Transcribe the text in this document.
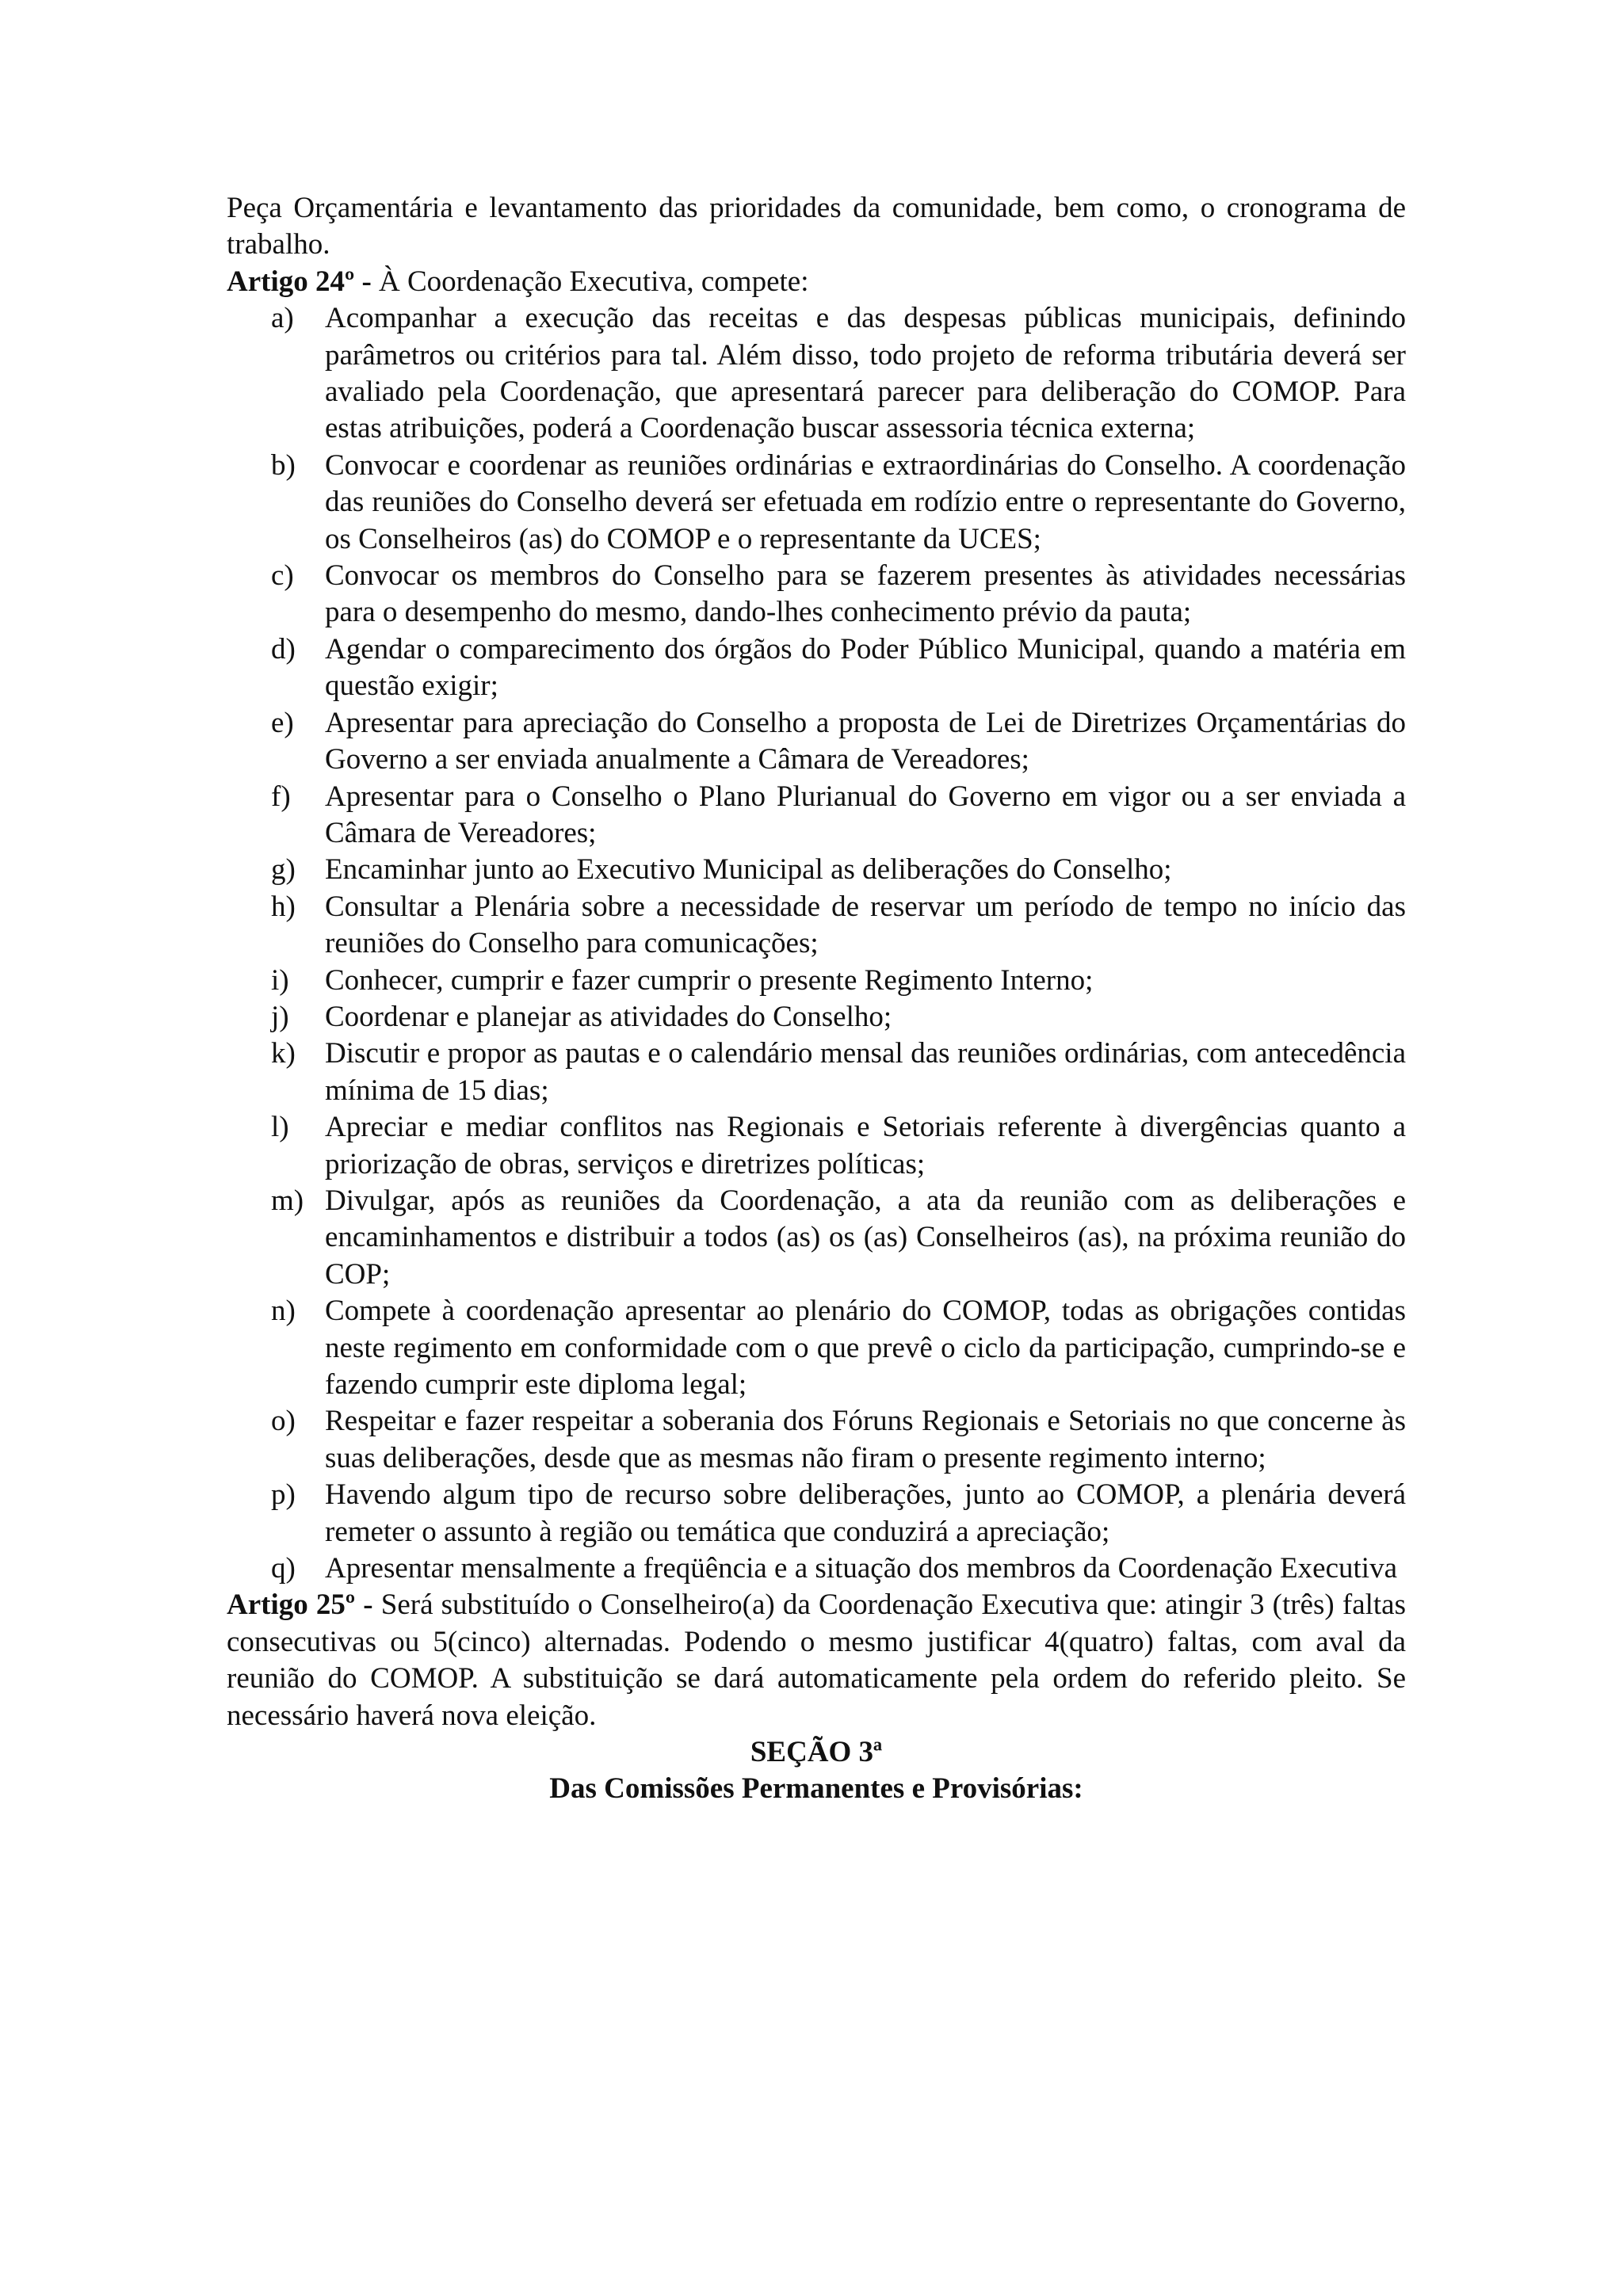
Peça Orçamentária e levantamento das prioridades da comunidade, bem como, o cronograma de trabalho.

Artigo 24º - À Coordenação Executiva, compete:

a)	Acompanhar a execução das receitas e das despesas públicas municipais, definindo parâmetros ou critérios para tal. Além disso, todo projeto de reforma tributária deverá ser avaliado pela Coordenação, que apresentará parecer para deliberação do COMOP. Para estas atribuições, poderá a Coordenação buscar assessoria técnica externa;
b)	Convocar e coordenar as reuniões ordinárias e extraordinárias do Conselho. A coordenação das reuniões do Conselho deverá ser efetuada em rodízio entre o representante do Governo, os Conselheiros (as) do COMOP e o representante da UCES;
c)	Convocar os membros do Conselho para se fazerem presentes às atividades necessárias para o desempenho do mesmo, dando-lhes conhecimento prévio da pauta;
d)	Agendar o comparecimento dos órgãos do Poder Público Municipal, quando a matéria em questão exigir;
e)	Apresentar para apreciação do Conselho a proposta de Lei de Diretrizes Orçamentárias do Governo a ser enviada anualmente a Câmara de Vereadores;
f)	Apresentar para o Conselho o Plano Plurianual do Governo em vigor ou a ser enviada a Câmara de Vereadores;
g)	Encaminhar junto ao Executivo Municipal as deliberações do Conselho;
h)	Consultar a Plenária sobre a necessidade de reservar um período de tempo no início das reuniões do Conselho para comunicações;
i)	Conhecer, cumprir e fazer cumprir o presente Regimento Interno;
j)	Coordenar e planejar as atividades do Conselho;
k)	Discutir e propor as pautas e o calendário mensal das reuniões ordinárias, com antecedência mínima de 15 dias;
l)	Apreciar e mediar conflitos nas Regionais e Setoriais referente à divergências quanto a priorização de obras, serviços e diretrizes políticas;
m) Divulgar, após as reuniões da Coordenação, a ata da reunião com as deliberações e encaminhamentos e distribuir a todos (as) os (as) Conselheiros (as), na próxima reunião do COP;
n)	Compete à coordenação apresentar ao plenário do COMOP, todas as obrigações contidas neste regimento em conformidade com o que prevê o ciclo da participação, cumprindo-se e fazendo cumprir este diploma legal;
o)	Respeitar e fazer respeitar a soberania dos Fóruns Regionais e Setoriais no que concerne às suas deliberações, desde que as mesmas não firam o presente regimento interno;
p)	Havendo algum tipo de recurso sobre deliberações, junto ao COMOP, a plenária deverá remeter o assunto à região ou temática que conduzirá a apreciação;
q)	Apresentar mensalmente a freqüência e a situação dos membros da Coordenação Executiva

Artigo 25º - Será substituído o Conselheiro(a) da Coordenação Executiva que: atingir 3 (três) faltas consecutivas ou 5(cinco) alternadas. Podendo o mesmo justificar 4(quatro) faltas, com aval da reunião do COMOP. A substituição se dará automaticamente pela ordem do referido pleito. Se necessário haverá nova eleição.

SEÇÃO 3ª

Das Comissões Permanentes e Provisórias:
